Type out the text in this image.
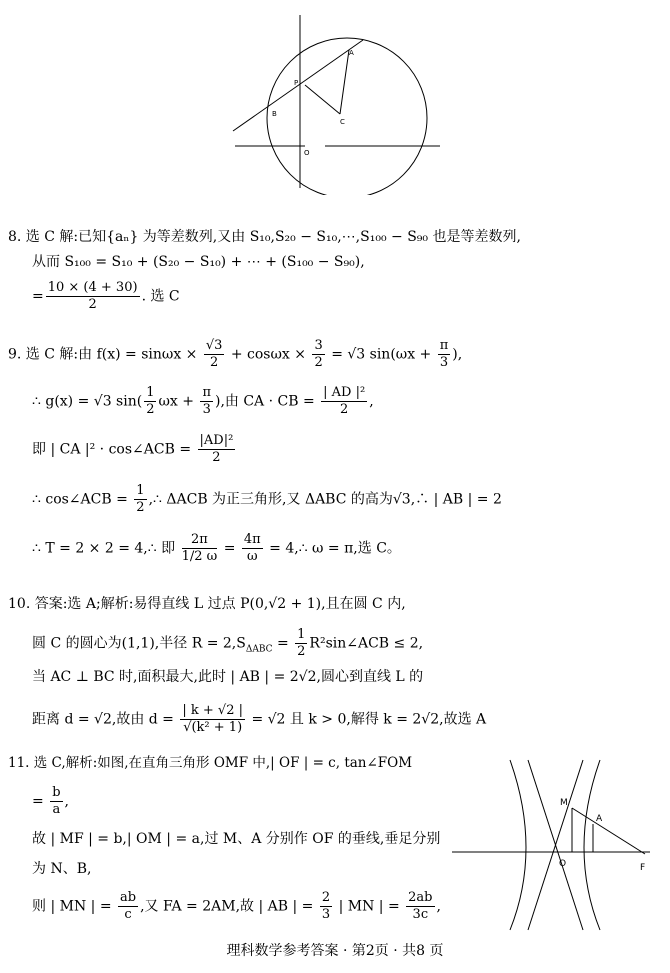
A
P
B
C
O
8. 选 C 解:已知{aₙ} 为等差数列,又由 S₁₀,S₂₀ − S₁₀,⋯,S₁₀₀ − S₉₀ 也是等差数列,
从而 S₁₀₀ = S₁₀ + (S₂₀ − S₁₀) + ⋯ + (S₁₀₀ − S₉₀),
= $\frac{10 \times (4 + 30)}{2}$ . 选 C
9. 选 C 解:由 $f(x) = \sin\omega x \times \frac{√3}{2} + \cos\omega x \times \frac{3}{2} = √3$ $\sin(\omega x + \frac{\pi}{3}$ ),
∴ g(x) = √3 $\sin( \frac{1}{2}$ $\omega x + \frac{\pi}{3}$ ),由 CA · CB = $\frac{\text{| AD |²}}{2}$ ,
即 | CA |² · cos∠ACB = $\frac{\text{|AD|²}}{2}$
∴ cos∠ACB = $\frac{1}{2}$ ,∴ ΔACB 为正三角形,又 ΔABC 的高为√3,∴ | AB | = 2
∴ T = 2 × 2 = 4,∴ 即 $\frac{2\pi}{1/2 \omega} = \frac{4\pi}{\omega}$ = 4,∴ ω = π,选 C。
10. 答案:选 A;解析:易得直线 L 过点 P(0,√2 + 1),且在圆 C 内,
圆 C 的圆心为(1,1),半径 $R = 2,S_{\Delta ABC} = \frac{1}{2}$ R²sin∠ACB ≤ 2,
当 AC ⊥ BC 时,面积最大,此时 | AB | = 2√2,圆心到直线 L 的
距离 d = √2,故由 $d = \frac{| k + √2 |}{\text{√(k² + 1)}} = √2$ 且 k > 0,解得 k = 2√2,故选 A
11. 选 C,解析:如图,在直角三角形 OMF 中,| OF | = c, tan∠FOM
= $\frac{b}{a}$ ,
故 | MF | = b,| OM | = a,过 M、A 分别作 OF 的垂线,垂足分别
为 N、B,
则 | MN | = $\frac{ab}{c}$ ,又 FA = 2AM,故 | AB | = $\frac{2}{3}$ | MN | = $\frac{2ab}{3c}$ ,
M
A
O	F
理科数学参考答案 · 第2页 · 共8 页
